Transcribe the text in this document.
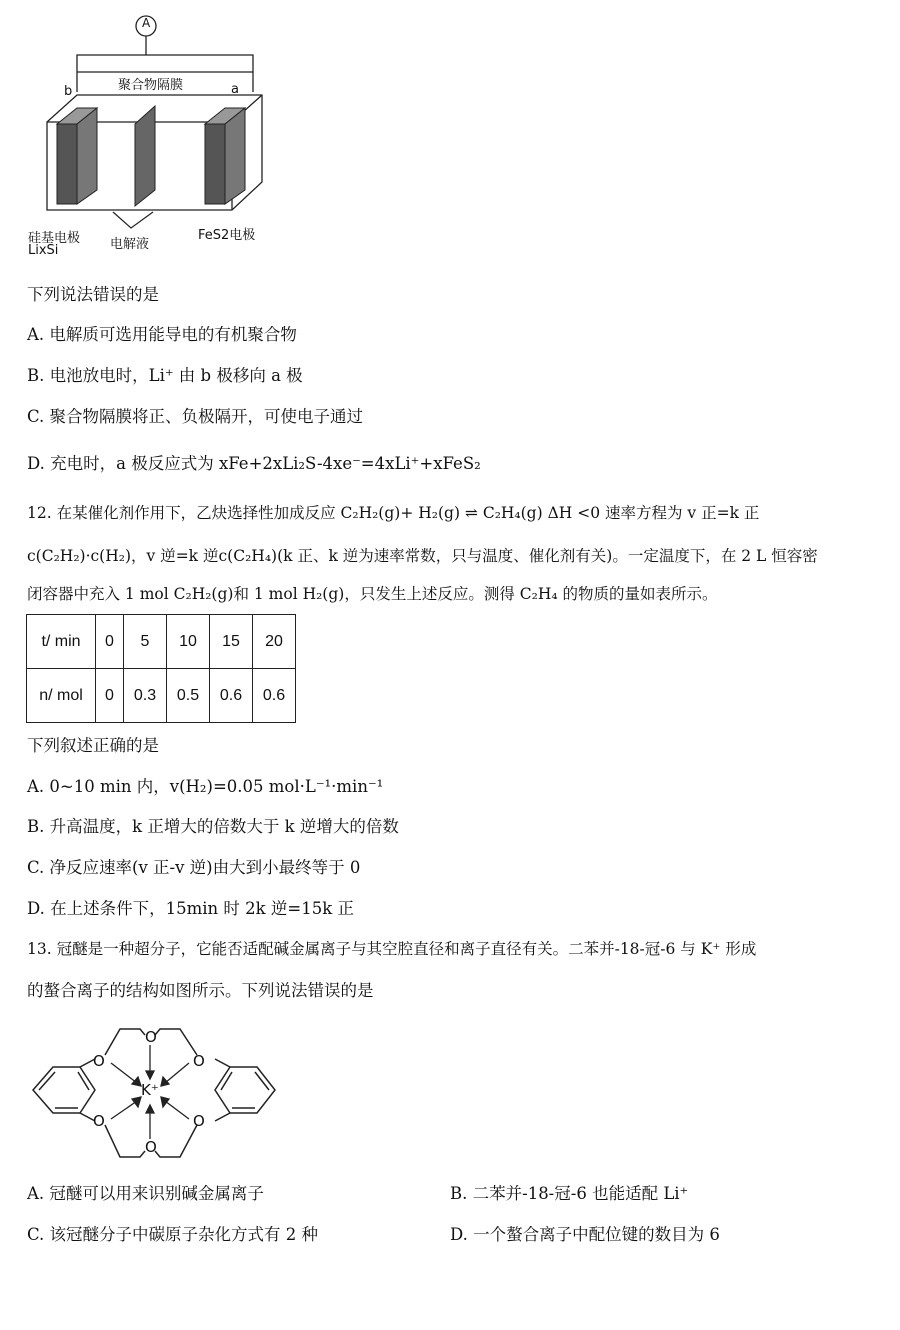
A
聚合物隔膜
b	a
硅基电极
LixSi	电解液
FeS2电极
下列说法错误的是
A. 电解质可选用能导电的有机聚合物
B. 电池放电时，Li⁺ 由 b 极移向 a 极
C. 聚合物隔膜将正、负极隔开，可使电子通过
D. 充电时，a 极反应式为 xFe+2xLi₂S-4xe⁻=4xLi⁺+xFeS₂
12. 在某催化剂作用下，乙炔选择性加成反应 C₂H₂(g)+ H₂(g) ⇌ C₂H₄(g) ΔH <0 速率方程为 v 正=k 正
c(C₂H₂)·c(H₂)，v 逆=k 逆c(C₂H₄)(k 正、k 逆为速率常数，只与温度、催化剂有关)。一定温度下，在 2 L 恒容密
闭容器中充入 1 mol C₂H₂(g)和 1 mol H₂(g)，只发生上述反应。测得 C₂H₄ 的物质的量如表所示。
t/ min	0	5	10	15	20
n/ mol	0	0.3	0.5	0.6	0.6
下列叙述正确的是
A. 0~10 min 内，v(H₂)=0.05 mol·L⁻¹·min⁻¹
B. 升高温度，k 正增大的倍数大于 k 逆增大的倍数
C. 净反应速率(v 正-v 逆)由大到小最终等于 0
D. 在上述条件下，15min 时 2k 逆=15k 正
13. 冠醚是一种超分子，它能否适配碱金属离子与其空腔直径和离子直径有关。二苯并-18-冠-6 与 K⁺ 形成
的螯合离子的结构如图所示。下列说法错误的是
O
O	O
K⁺
O	O
O
A. 冠醚可以用来识别碱金属离子	B. 二苯并-18-冠-6 也能适配 Li⁺
C. 该冠醚分子中碳原子杂化方式有 2 种	D. 一个螯合离子中配位键的数目为 6
